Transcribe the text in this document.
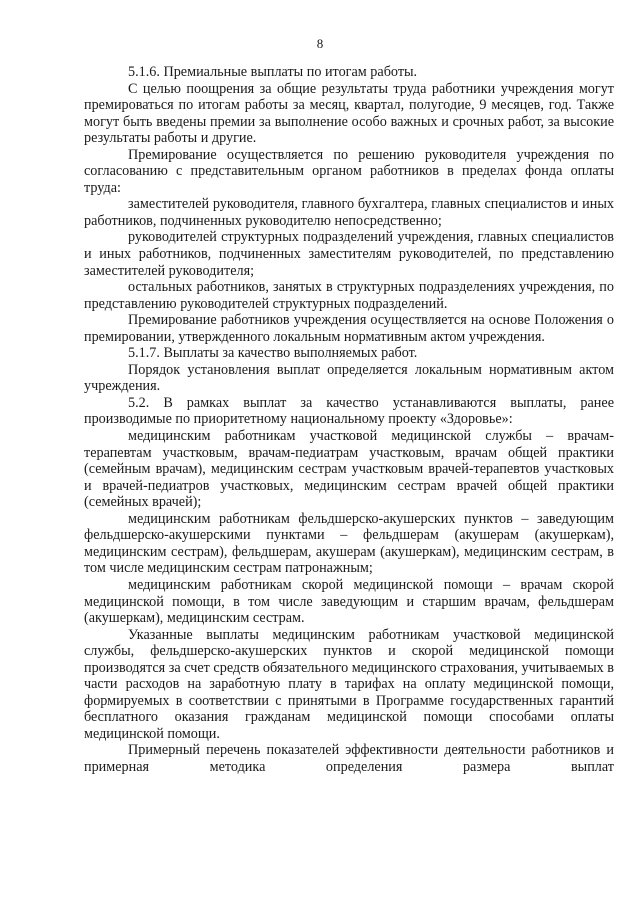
8

5.1.6. Премиальные выплаты по итогам работы.

С целью поощрения за общие результаты труда работники учреждения могут премироваться по итогам работы за месяц, квартал, полугодие, 9 месяцев, год. Также могут быть введены премии за выполнение особо важных и срочных работ, за высокие результаты работы и другие.

Премирование осуществляется по решению руководителя учреждения по согласованию с представительным органом работников в пределах фонда оплаты труда:

заместителей руководителя, главного бухгалтера, главных специалистов и иных работников, подчиненных руководителю непосредственно;

руководителей структурных подразделений учреждения, главных специалистов и иных работников, подчиненных заместителям руководителей, по представлению заместителей руководителя;

остальных работников, занятых в структурных подразделениях учреждения, по представлению руководителей структурных подразделений.

Премирование работников учреждения осуществляется на основе Положения о премировании, утвержденного локальным нормативным актом учреждения.

5.1.7. Выплаты за качество выполняемых работ.

Порядок установления выплат определяется локальным нормативным актом учреждения.

5.2. В рамках выплат за качество устанавливаются выплаты, ранее производимые по приоритетному национальному проекту «Здоровье»:

медицинским работникам участковой медицинской службы – врачам-терапевтам участковым, врачам-педиатрам участковым, врачам общей практики (семейным врачам), медицинским сестрам участковым врачей-терапевтов участковых и врачей-педиатров участковых, медицинским сестрам врачей общей практики (семейных врачей);

медицинским работникам фельдшерско-акушерских пунктов – заведующим фельдшерско-акушерскими пунктами – фельдшерам (акушерам (акушеркам), медицинским сестрам), фельдшерам, акушерам (акушеркам), медицинским сестрам, в том числе медицинским сестрам патронажным;

медицинским работникам скорой медицинской помощи – врачам скорой медицинской помощи, в том числе заведующим и старшим врачам, фельдшерам (акушеркам), медицинским сестрам.

Указанные выплаты медицинским работникам участковой медицинской службы, фельдшерско-акушерских пунктов и скорой медицинской помощи производятся за счет средств обязательного медицинского страхования, учитываемых в части расходов на заработную плату в тарифах на оплату медицинской помощи, формируемых в соответствии с принятыми в Программе государственных гарантий бесплатного оказания гражданам медицинской помощи способами оплаты медицинской помощи.

Примерный перечень показателей эффективности деятельности работников и примерная методика определения размера выплат
